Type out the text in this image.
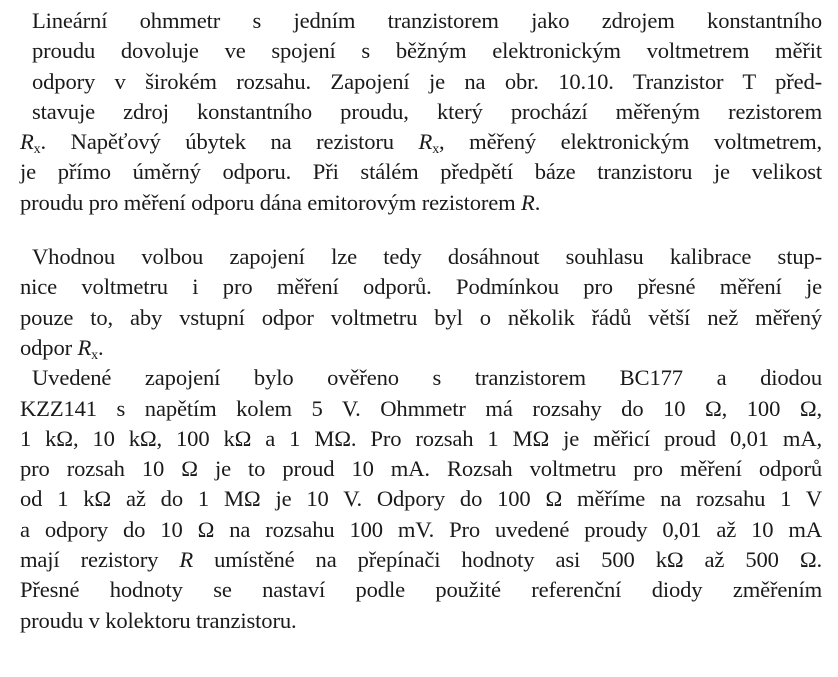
Lineární ohmmetr s jedním tranzistorem jako zdrojem konstantního
proudu dovoluje ve spojení s běžným elektronickým voltmetrem měřit
odpory v širokém rozsahu. Zapojení je na obr. 10.10. Tranzistor T před-
stavuje zdroj konstantního proudu, který prochází měřeným rezistorem
$R_x$. Napěťový úbytek na rezistoru $R_x$, měřený elektronickým voltmetrem,
je přímo úměrný odporu. Při stálém předpětí báze tranzistoru je velikost
proudu pro měření odporu dána emitorovým rezistorem R.
Vhodnou volbou zapojení lze tedy dosáhnout souhlasu kalibrace stup-
nice voltmetru i pro měření odporů. Podmínkou pro přesné měření je
pouze to, aby vstupní odpor voltmetru byl o několik řádů větší než měřený
odpor $R_x$.
Uvedené zapojení bylo ověřeno s tranzistorem BC177 a diodou
KZZ141 s napětím kolem 5 V. Ohmmetr má rozsahy do 10 Ω, 100 Ω,
1 kΩ, 10 kΩ, 100 kΩ a 1 MΩ. Pro rozsah 1 MΩ je měřicí proud 0,01 mA,
pro rozsah 10 Ω je to proud 10 mA. Rozsah voltmetru pro měření odporů
od 1 kΩ až do 1 MΩ je 10 V. Odpory do 100 Ω měříme na rozsahu 1 V
a odpory do 10 Ω na rozsahu 100 mV. Pro uvedené proudy 0,01 až 10 mA
mají rezistory R umístěné na přepínači hodnoty asi 500 kΩ až 500 Ω.
Přesné hodnoty se nastaví podle použité referenční diody změřením
proudu v kolektoru tranzistoru.
